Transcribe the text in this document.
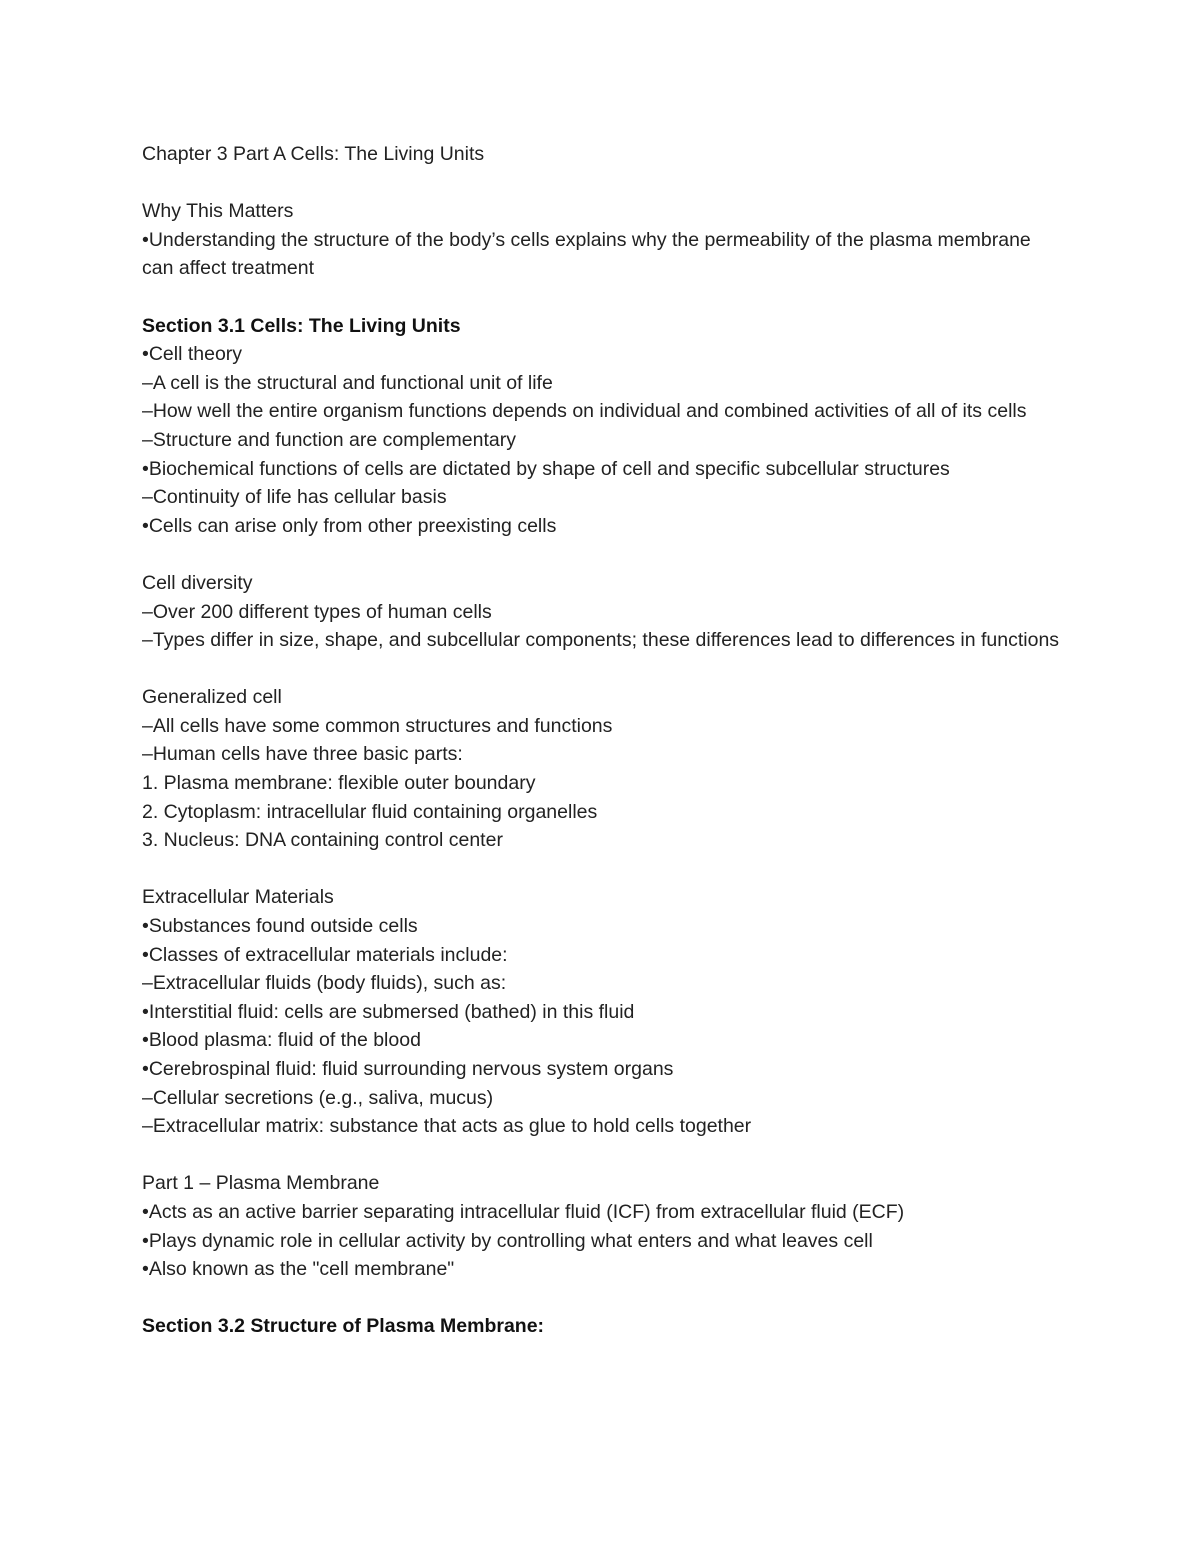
Chapter 3 Part A Cells: The Living Units
Why This Matters
•Understanding the structure of the body’s cells explains why the permeability of the plasma membrane can affect treatment
Section 3.1 Cells: The Living Units
•Cell theory
–A cell is the structural and functional unit of life
–How well the entire organism functions depends on individual and combined activities of all of its cells
–Structure and function are complementary
•Biochemical functions of cells are dictated by shape of cell and specific subcellular structures
–Continuity of life has cellular basis
•Cells can arise only from other preexisting cells
Cell diversity
–Over 200 different types of human cells
–Types differ in size, shape, and subcellular components; these differences lead to differences in functions
Generalized cell
–All cells have some common structures and functions
–Human cells have three basic parts:
1. Plasma membrane: flexible outer boundary
2. Cytoplasm: intracellular fluid containing organelles
3. Nucleus: DNA containing control center
Extracellular Materials
•Substances found outside cells
•Classes of extracellular materials include:
–Extracellular fluids (body fluids), such as:
•Interstitial fluid: cells are submersed (bathed) in this fluid
•Blood plasma: fluid of the blood
•Cerebrospinal fluid: fluid surrounding nervous system organs
–Cellular secretions (e.g., saliva, mucus)
–Extracellular matrix: substance that acts as glue to hold cells together
Part 1 – Plasma Membrane
•Acts as an active barrier separating intracellular fluid (ICF) from extracellular fluid (ECF)
•Plays dynamic role in cellular activity by controlling what enters and what leaves cell
•Also known as the "cell membrane"
Section 3.2 Structure of Plasma Membrane:
